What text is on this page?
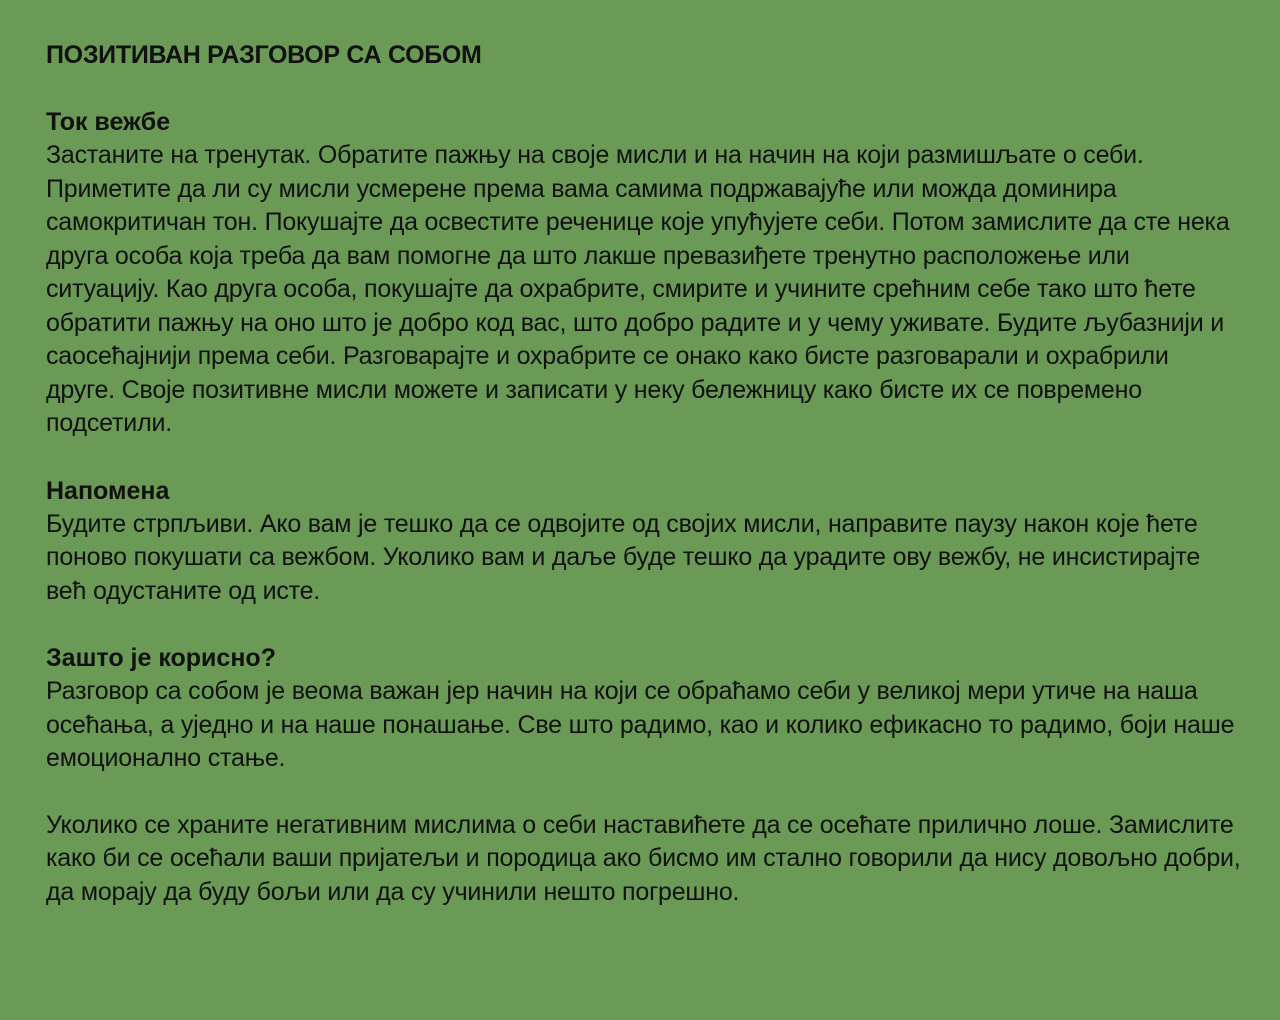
ПОЗИТИВАН РАЗГОВОР СА СОБОМ
Ток вежбе

Застаните на тренутак. Обратите пажњу на своје мисли и на начин на који размишљате о себи. Приметите да ли су мисли усмерене према вама самима подржавајуће или можда доминира самокритичан тон. Покушајте да освестите реченице које упућујете себи. Потом замислите да сте нека друга особа која треба да вам помогне да што лакше превазиђете тренутно расположење или ситуацију. Као друга особа, покушајте да охрабрите, смирите и учините срећним себе тако што ћете обратити пажњу на оно што је добро код вас, што добро радите и у чему уживате. Будите љубазнији и саосећајнији према себи. Разговарајте и охрабрите се онако како бисте разговарали и охрабрили друге. Своје позитивне мисли можете и записати у неку бележницу како бисте их се повремено подсетили.

Напомена

Будите стрпљиви. Ако вам је тешко да се одвојите од својих мисли, направите паузу након које ћете поново покушати са вежбом. Уколико вам и даље буде тешко да урадите ову вежбу, не инсистирајте већ одустаните од исте.

Зашто је корисно?

Разговор са собом је веома важан јер начин на који се обраћамо себи у великој мери утиче на наша осећања, а уједно и на наше понашање. Све што радимо, као и колико ефикасно то радимо, боји наше емоционално стање.

Уколико се храните негативним мислима о себи наставићете да се осећате прилично лоше. Замислите како би се осећали ваши пријатељи и породица ако бисмо им стално говорили да нису довољно добри, да морају да буду бољи или да су учинили нешто погрешно.
